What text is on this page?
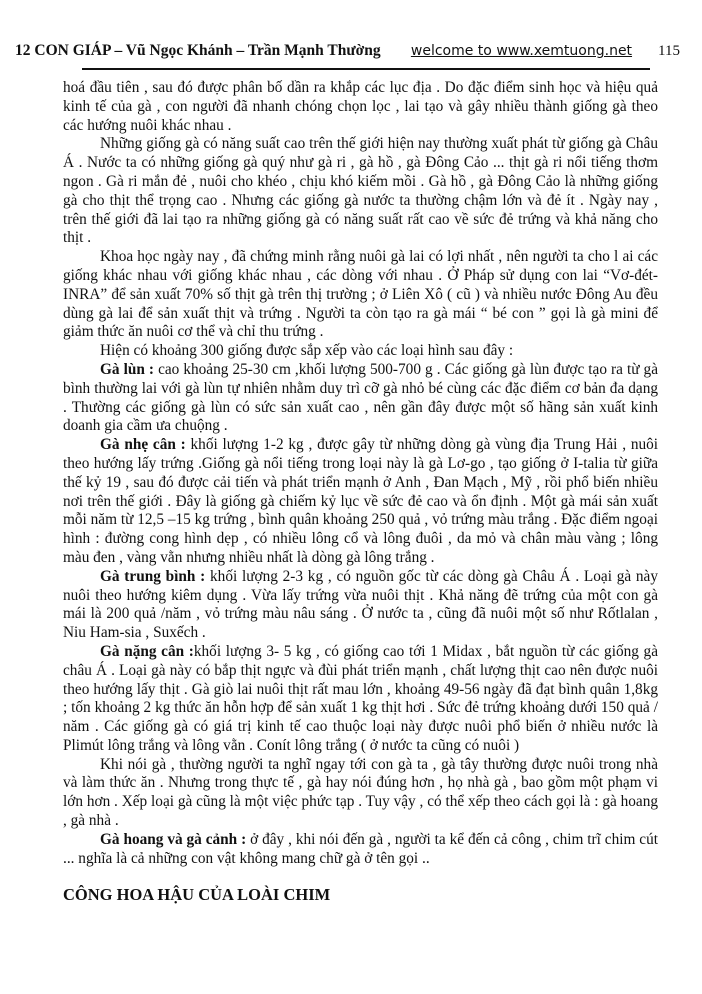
12 CON GIÁP – Vũ Ngọc Khánh – Trần Mạnh Thường	welcome to www.xemtuong.net 115

hoá đầu tiên , sau đó được phân bố dần ra khắp các lục địa . Do đặc điểm sinh học và hiệu quả kinh tế của gà , con người đã nhanh chóng chọn lọc , lai tạo và gây nhiều thành giống gà theo các hướng nuôi khác nhau .

Những giống gà có năng suất cao trên thế giới hiện nay thường xuất phát từ giống gà Châu Á . Nước ta có những giống gà quý như gà ri , gà hồ , gà Đông Cảo ... thịt gà ri nổi tiếng thơm ngon . Gà ri mắn đẻ , nuôi cho khéo , chịu khó kiếm mồi . Gà hồ , gà Đông Cảo là những giống gà cho thịt thể trọng cao . Nhưng các giống gà nước ta thường chậm lớn và đẻ ít . Ngày nay , trên thế giới đã lai tạo ra những giống gà có năng suất rất cao về sức đẻ trứng và khả năng cho thịt .

Khoa học ngày nay , đã chứng minh rằng nuôi gà lai có lợi nhất , nên người ta cho l ai các giống khác nhau với giống khác nhau , các dòng với nhau . Ở Pháp sử dụng con lai “Vơ-đét-INRA” để sản xuất 70% số thịt gà trên thị trường ; ở Liên Xô ( cũ ) và nhiều nước Đông Au đều dùng gà lai để sản xuất thịt và trứng . Người ta còn tạo ra gà mái “ bé con ” gọi là gà mini để giảm thức ăn nuôi cơ thể và chỉ thu trứng .

Hiện có khoảng 300 giống được sắp xếp vào các loại hình sau đây :

Gà lùn : cao khoảng 25-30 cm ,khối lượng 500-700 g . Các giống gà lùn được tạo ra từ gà bình thường lai với gà lùn tự nhiên nhằm duy trì cỡ gà nhỏ bé cùng các đặc điểm cơ bản đa dạng . Thường các giống gà lùn có sức sản xuất cao , nên gần đây được một số hãng sản xuất kinh doanh gia cầm ưa chuộng .

Gà nhẹ cân : khối lượng 1-2 kg , được gây từ những dòng gà vùng địa Trung Hải , nuôi theo hướng lấy trứng .Giống gà nổi tiếng trong loại này là gà Lơ-go , tạo giống ở I-talia từ giữa thế kỷ 19 , sau đó được cải tiến và phát triển mạnh ở Anh , Đan Mạch , Mỹ , rồi phổ biến nhiều nơi trên thế giới . Đây là giống gà chiếm kỷ lục về sức đẻ cao và ổn định . Một gà mái sản xuất mỗi năm từ 12,5 –15 kg trứng , bình quân khoảng 250 quả , vỏ trứng màu trắng . Đặc điểm ngoại hình : đường cong hình dẹp , có nhiều lông cổ và lông đuôi , da mỏ và chân màu vàng ; lông màu đen , vàng vằn nhưng nhiều nhất là dòng gà lông trắng .

Gà trung bình : khối lượng 2-3 kg , có nguồn gốc từ các dòng gà Châu Á . Loại gà này nuôi theo hướng kiêm dụng . Vừa lấy trứng vừa nuôi thịt . Khả năng đẽ trứng của một con gà mái là 200 quả /năm , vỏ trứng màu nâu sáng . Ở nước ta , cũng đã nuôi một số như Rốtlalan , Niu Ham-sia , Suxếch .

Gà nặng cân :khối lượng 3- 5 kg , có giống cao tới 1 Midax , bắt nguồn từ các giống gà châu Á . Loại gà này có bắp thịt ngực và đùi phát triển mạnh , chất lượng thịt cao nên được nuôi theo hướng lấy thịt . Gà giò lai nuôi thịt rất mau lớn , khoảng 49-56 ngày đã đạt bình quân 1,8kg ; tốn khoảng 2 kg thức ăn hỗn hợp để sản xuất 1 kg thịt hơi . Sức đẻ trứng khoảng dưới 150 quả / năm . Các giống gà có giá trị kinh tế cao thuộc loại này được nuôi phổ biến ở nhiều nước là Plimút lông trắng và lông vằn . Conít lông trắng ( ở nước ta cũng có nuôi )

Khi nói gà , thường người ta nghĩ ngay tới con gà ta , gà tây thường được nuôi trong nhà và làm thức ăn . Nhưng trong thực tế , gà hay nói đúng hơn , họ nhà gà , bao gồm một phạm vi lớn hơn . Xếp loại gà cũng là một việc phức tạp . Tuy vậy , có thể xếp theo cách gọi là : gà hoang , gà nhà .

Gà hoang và gà cảnh : ở đây , khi nói đến gà , người ta kể đến cả công , chim trĩ chim cút ... nghĩa là cả những con vật không mang chữ gà ở tên gọi ..

CÔNG HOA HẬU CỦA LOÀI CHIM
